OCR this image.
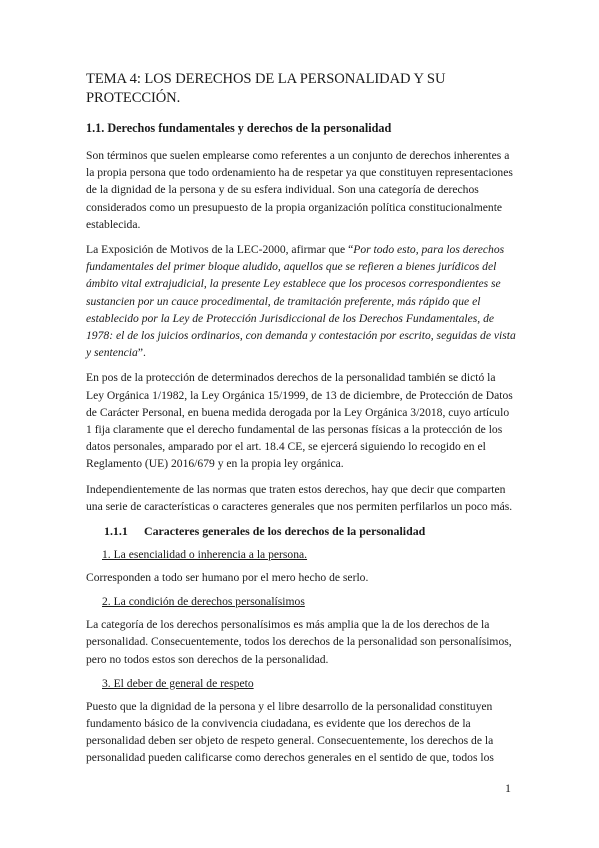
TEMA 4: LOS DERECHOS DE LA PERSONALIDAD Y SU PROTECCIÓN.
1.1. Derechos fundamentales y derechos de la personalidad

Son términos que suelen emplearse como referentes a un conjunto de derechos inherentes a la propia persona que todo ordenamiento ha de respetar ya que constituyen representaciones de la dignidad de la persona y de su esfera individual. Son una categoría de derechos considerados como un presupuesto de la propia organización política constitucionalmente establecida.

La Exposición de Motivos de la LEC-2000, afirmar que “Por todo esto, para los derechos fundamentales del primer bloque aludido, aquellos que se refieren a bienes jurídicos del ámbito vital extrajudicial, la presente Ley establece que los procesos correspondientes se sustancien por un cauce procedimental, de tramitación preferente, más rápido que el establecido por la Ley de Protección Jurisdiccional de los Derechos Fundamentales, de 1978: el de los juicios ordinarios, con demanda y contestación por escrito, seguidas de vista y sentencia”.

En pos de la protección de determinados derechos de la personalidad también se dictó la Ley Orgánica 1/1982, la Ley Orgánica 15/1999, de 13 de diciembre, de Protección de Datos de Carácter Personal, en buena medida derogada por la Ley Orgánica 3/2018, cuyo artículo 1 fija claramente que el derecho fundamental de las personas físicas a la protección de los datos personales, amparado por el art. 18.4 CE, se ejercerá siguiendo lo recogido en el Reglamento (UE) 2016/679 y en la propia ley orgánica.

Independientemente de las normas que traten estos derechos, hay que decir que comparten una serie de características o caracteres generales que nos permiten perfilarlos un poco más.

1.1.1 Caracteres generales de los derechos de la personalidad
1. La esencialidad o inherencia a la persona.

Corresponden a todo ser humano por el mero hecho de serlo.

2. La condición de derechos personalísimos

La categoría de los derechos personalísimos es más amplia que la de los derechos de la personalidad. Consecuentemente, todos los derechos de la personalidad son personalísimos, pero no todos estos son derechos de la personalidad.

3. El deber de general de respeto

Puesto que la dignidad de la persona y el libre desarrollo de la personalidad constituyen fundamento básico de la convivencia ciudadana, es evidente que los derechos de la personalidad deben ser objeto de respeto general. Consecuentemente, los derechos de la personalidad pueden calificarse como derechos generales en el sentido de que, todos los

1
